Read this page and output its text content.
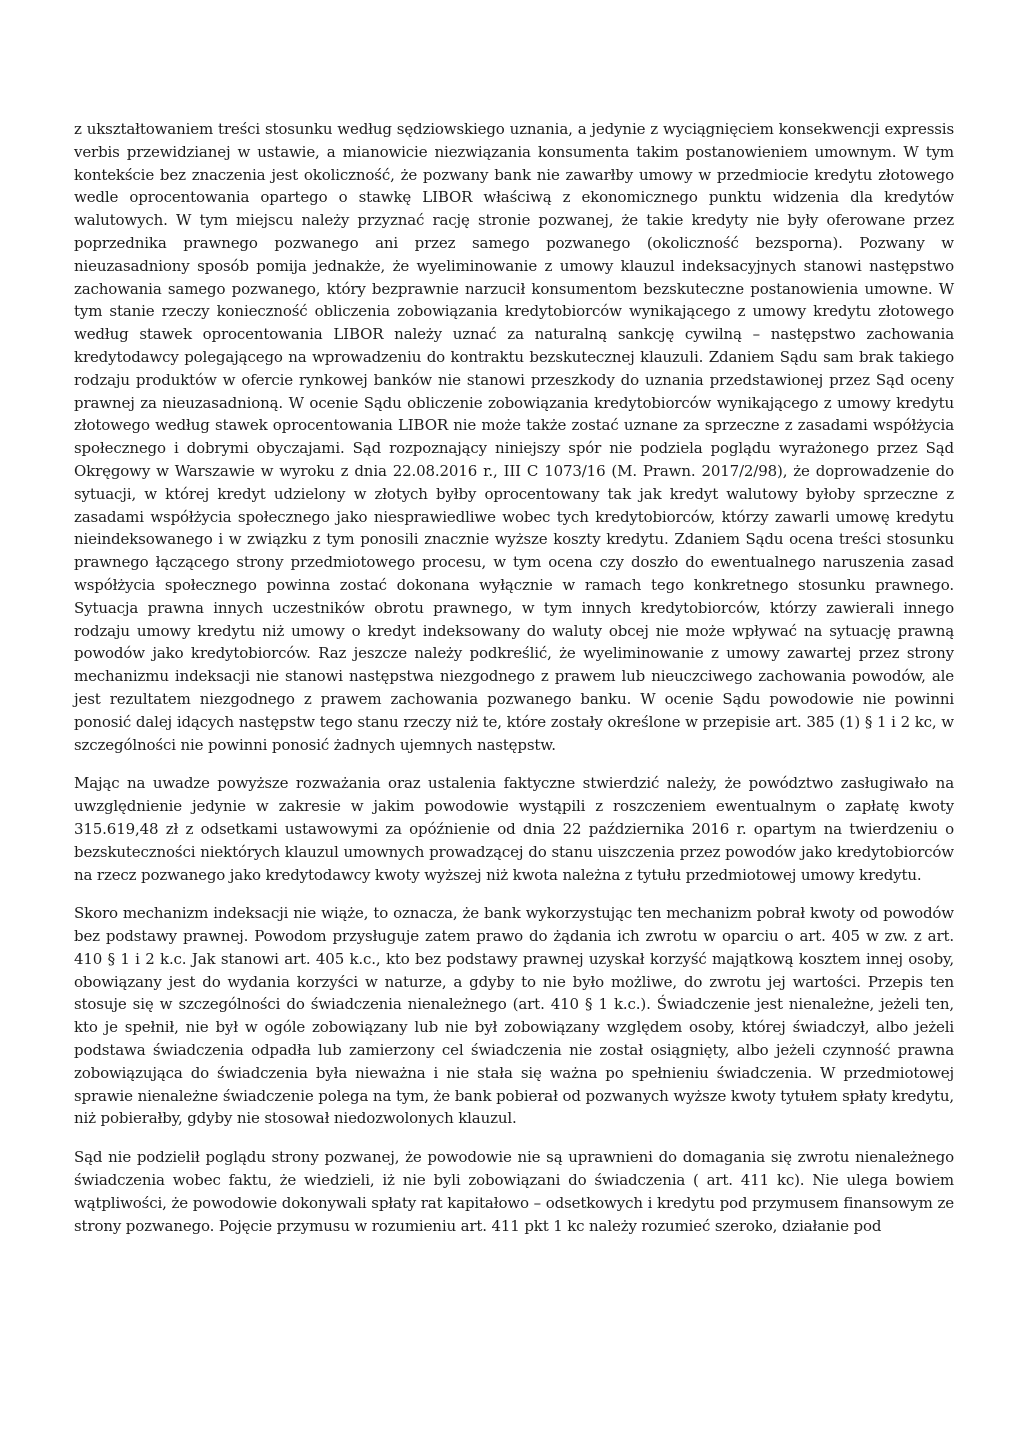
z ukształtowaniem treści stosunku według sędziowskiego uznania, a jedynie z wyciągnięciem konsekwencji expressis verbis przewidzianej w ustawie, a mianowicie niezwiązania konsumenta takim postanowieniem umownym. W tym kontekście bez znaczenia jest okoliczność, że pozwany bank nie zawarłby umowy w przedmiocie kredytu złotowego wedle oprocentowania opartego o stawkę LIBOR właściwą z ekonomicznego punktu widzenia dla kredytów walutowych. W tym miejscu należy przyznać rację stronie pozwanej, że takie kredyty nie były oferowane przez poprzednika prawnego pozwanego ani przez samego pozwanego (okoliczność bezsporna). Pozwany w nieuzasadniony sposób pomija jednakże, że wyeliminowanie z umowy klauzul indeksacyjnych stanowi następstwo zachowania samego pozwanego, który bezprawnie narzucił konsumentom bezskuteczne postanowienia umowne. W tym stanie rzeczy konieczność obliczenia zobowiązania kredytobiorców wynikającego z umowy kredytu złotowego według stawek oprocentowania LIBOR należy uznać za naturalną sankcję cywilną – następstwo zachowania kredytodawcy polegającego na wprowadzeniu do kontraktu bezskutecznej klauzuli. Zdaniem Sądu sam brak takiego rodzaju produktów w ofercie rynkowej banków nie stanowi przeszkody do uznania przedstawionej przez Sąd oceny prawnej za nieuzasadnioną. W ocenie Sądu obliczenie zobowiązania kredytobiorców wynikającego z umowy kredytu złotowego według stawek oprocentowania LIBOR nie może także zostać uznane za sprzeczne z zasadami współżycia społecznego i dobrymi obyczajami. Sąd rozpoznający niniejszy spór nie podziela poglądu wyrażonego przez Sąd Okręgowy w Warszawie w wyroku z dnia 22.08.2016 r., III C 1073/16 (M. Prawn. 2017/2/98), że doprowadzenie do sytuacji, w której kredyt udzielony w złotych byłby oprocentowany tak jak kredyt walutowy byłoby sprzeczne z zasadami współżycia społecznego jako niesprawiedliwe wobec tych kredytobiorców, którzy zawarli umowę kredytu nieindeksowanego i w związku z tym ponosili znacznie wyższe koszty kredytu. Zdaniem Sądu ocena treści stosunku prawnego łączącego strony przedmiotowego procesu, w tym ocena czy doszło do ewentualnego naruszenia zasad współżycia społecznego powinna zostać dokonana wyłącznie w ramach tego konkretnego stosunku prawnego. Sytuacja prawna innych uczestników obrotu prawnego, w tym innych kredytobiorców, którzy zawierali innego rodzaju umowy kredytu niż umowy o kredyt indeksowany do waluty obcej nie może wpływać na sytuację prawną powodów jako kredytobiorców. Raz jeszcze należy podkreślić, że wyeliminowanie z umowy zawartej przez strony mechanizmu indeksacji nie stanowi następstwa niezgodnego z prawem lub nieuczciwego zachowania powodów, ale jest rezultatem niezgodnego z prawem zachowania pozwanego banku. W ocenie Sądu powodowie nie powinni ponosić dalej idących następstw tego stanu rzeczy niż te, które zostały określone w przepisie art. 385 (1) § 1 i 2 kc, w szczególności nie powinni ponosić żadnych ujemnych następstw.

Mając na uwadze powyższe rozważania oraz ustalenia faktyczne stwierdzić należy, że powództwo zasługiwało na uwzględnienie jedynie w zakresie w jakim powodowie wystąpili z roszczeniem ewentualnym o zapłatę kwoty 315.619,48 zł z odsetkami ustawowymi za opóźnienie od dnia 22 października 2016 r. opartym na twierdzeniu o bezskuteczności niektórych klauzul umownych prowadzącej do stanu uiszczenia przez powodów jako kredytobiorców na rzecz pozwanego jako kredytodawcy kwoty wyższej niż kwota należna z tytułu przedmiotowej umowy kredytu.

Skoro mechanizm indeksacji nie wiąże, to oznacza, że bank wykorzystując ten mechanizm pobrał kwoty od powodów bez podstawy prawnej. Powodom przysługuje zatem prawo do żądania ich zwrotu w oparciu o art. 405 w zw. z art. 410 § 1 i 2 k.c. Jak stanowi art. 405 k.c., kto bez podstawy prawnej uzyskał korzyść majątkową kosztem innej osoby, obowiązany jest do wydania korzyści w naturze, a gdyby to nie było możliwe, do zwrotu jej wartości. Przepis ten stosuje się w szczególności do świadczenia nienależnego (art. 410 § 1 k.c.). Świadczenie jest nienależne, jeżeli ten, kto je spełnił, nie był w ogóle zobowiązany lub nie był zobowiązany względem osoby, której świadczył, albo jeżeli podstawa świadczenia odpadła lub zamierzony cel świadczenia nie został osiągnięty, albo jeżeli czynność prawna zobowiązująca do świadczenia była nieważna i nie stała się ważna po spełnieniu świadczenia. W przedmiotowej sprawie nienależne świadczenie polega na tym, że bank pobierał od pozwanych wyższe kwoty tytułem spłaty kredytu, niż pobierałby, gdyby nie stosował niedozwolonych klauzul.

Sąd nie podzielił poglądu strony pozwanej, że powodowie nie są uprawnieni do domagania się zwrotu nienależnego świadczenia wobec faktu, że wiedzieli, iż nie byli zobowiązani do świadczenia ( art. 411 kc). Nie ulega bowiem wątpliwości, że powodowie dokonywali spłaty rat kapitałowo – odsetkowych i kredytu pod przymusem finansowym ze strony pozwanego. Pojęcie przymusu w rozumieniu art. 411 pkt 1 kc należy rozumieć szeroko, działanie pod
